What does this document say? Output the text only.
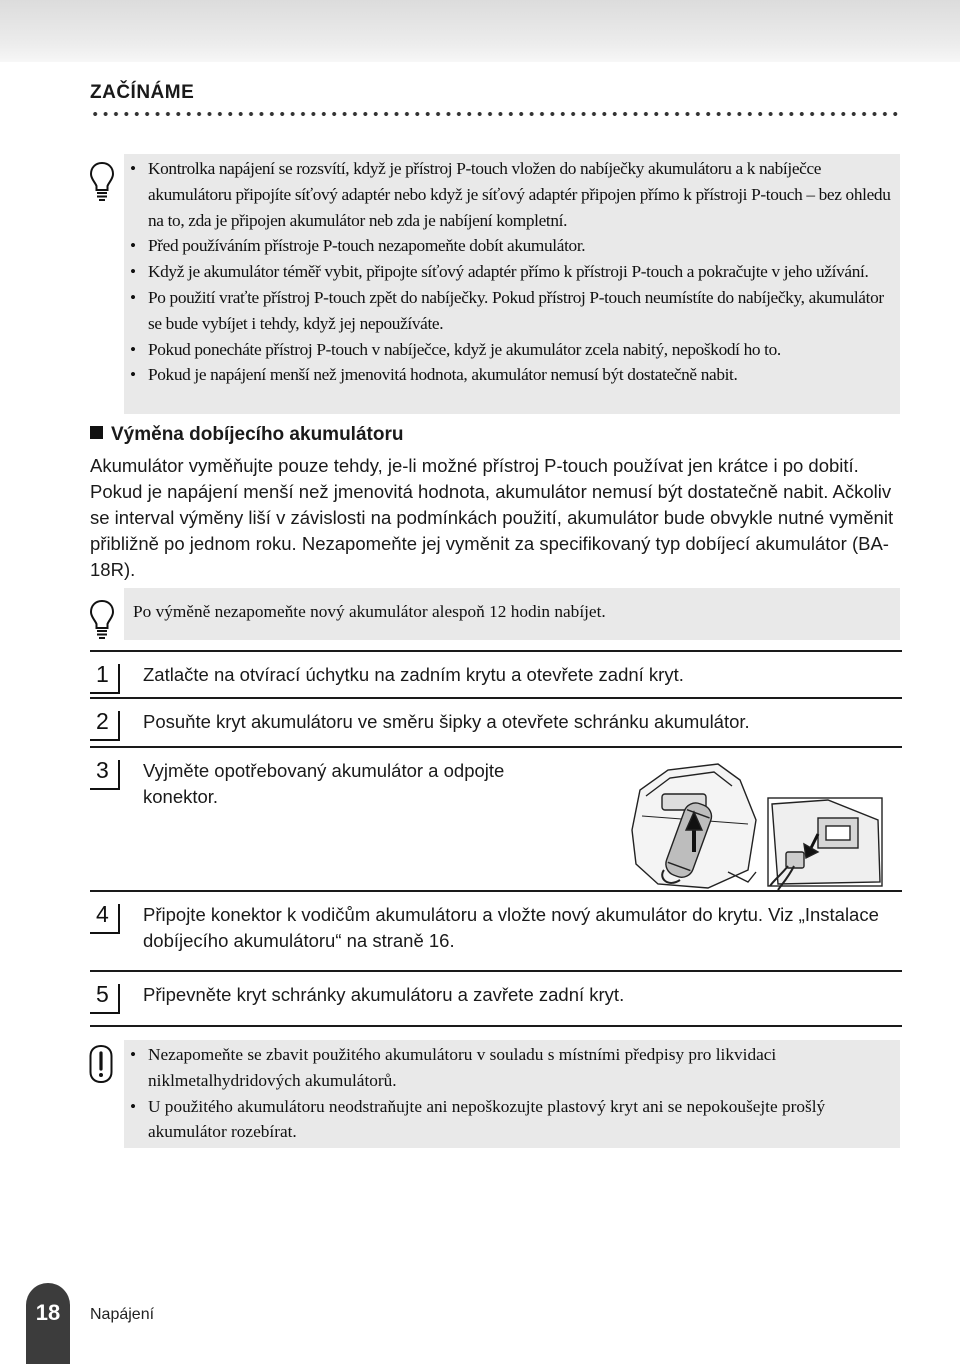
ZAČÍNÁME
• Kontrolka napájení se rozsvítí, když je přístroj P-touch vložen do nabíječky akumulátoru a k nabíječce akumulátoru připojíte síťový adaptér nebo když je síťový adaptér připojen přímo k přístroji P-touch – bez ohledu na to, zda je připojen akumulátor neb zda je nabíjení kompletní.
• Před používáním přístroje P-touch nezapomeňte dobít akumulátor.
• Když je akumulátor téměř vybit, připojte síťový adaptér přímo k přístroji P-touch a pokračujte v jeho užívání.
• Po použití vraťte přístroj P-touch zpět do nabíječky. Pokud přístroj P-touch neumístíte do nabíječky, akumulátor se bude vybíjet i tehdy, když jej nepoužíváte.
• Pokud ponecháte přístroj P-touch v nabíječce, když je akumulátor zcela nabitý, nepoškodí ho to.
• Pokud je napájení menší než jmenovitá hodnota, akumulátor nemusí být dostatečně nabit.
Výměna dobíjecího akumulátoru
Akumulátor vyměňujte pouze tehdy, je-li možné přístroj P-touch používat jen krátce i po dobití. Pokud je napájení menší než jmenovitá hodnota, akumulátor nemusí být dostatečně nabit. Ačkoliv se interval výměny liší v závislosti na podmínkách použití, akumulátor bude obvykle nutné vyměnit přibližně po jednom roku. Nezapomeňte jej vyměnit za specifikovaný typ dobíjecí akumulátor (BA-18R).
Po výměně nezapomeňte nový akumulátor alespoň 12 hodin nabíjet.
1	Zatlačte na otvírací úchytku na zadním krytu a otevřete zadní kryt.
2	Posuňte kryt akumulátoru ve směru šipky a otevřete schránku akumulátor.
3	Vyjměte opotřebovaný akumulátor a odpojte konektor.
4	Připojte konektor k vodičům akumulátoru a vložte nový akumulátor do krytu. Viz „Instalace dobíjecího akumulátoru“ na straně 16.
5	Připevněte kryt schránky akumulátoru a zavřete zadní kryt.
• Nezapomeňte se zbavit použitého akumulátoru v souladu s místními předpisy pro likvidaci niklmetalhydridových akumulátorů.
• U použitého akumulátoru neodstraňujte ani nepoškozujte plastový kryt ani se nepokoušejte prošlý akumulátor rozebírat.
18	Napájení
